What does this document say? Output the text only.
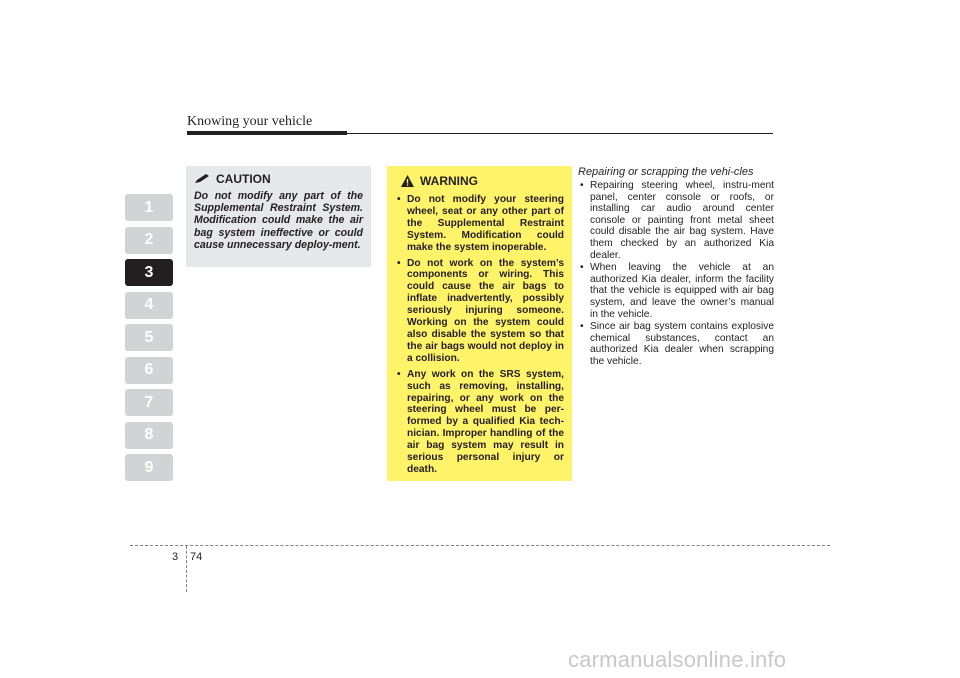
Knowing your vehicle
1
2
3
4
5
6
7
8
9
CAUTION
Do not modify any part of the Supplemental Restraint System. Modification could make the air bag system ineffective or could cause unnecessary deploy-ment.
WARNING
• Do not modify your steering wheel, seat or any other part of the Supplemental Restraint System. Modification could make the system inoperable.
• Do not work on the system’s components or wiring. This could cause the air bags to inflate inadvertently, possibly seriously injuring someone. Working on the system could also disable the system so that the air bags would not deploy in a collision.
• Any work on the SRS system, such as removing, installing, repairing, or any work on the steering wheel must be per-formed by a qualified Kia tech-nician. Improper handling of the air bag system may result in serious personal injury or death.
Repairing or scrapping the vehi-cles
• Repairing steering wheel, instru-ment panel, center console or roofs, or installing car audio around center console or painting front metal sheet could disable the air bag system. Have them checked by an authorized Kia dealer.
• When leaving the vehicle at an authorized Kia dealer, inform the facility that the vehicle is equipped with air bag system, and leave the owner’s manual in the vehicle.
• Since air bag system contains explosive chemical substances, contact an authorized Kia dealer when scrapping the vehicle.
3 74
carmanualsonline.info
